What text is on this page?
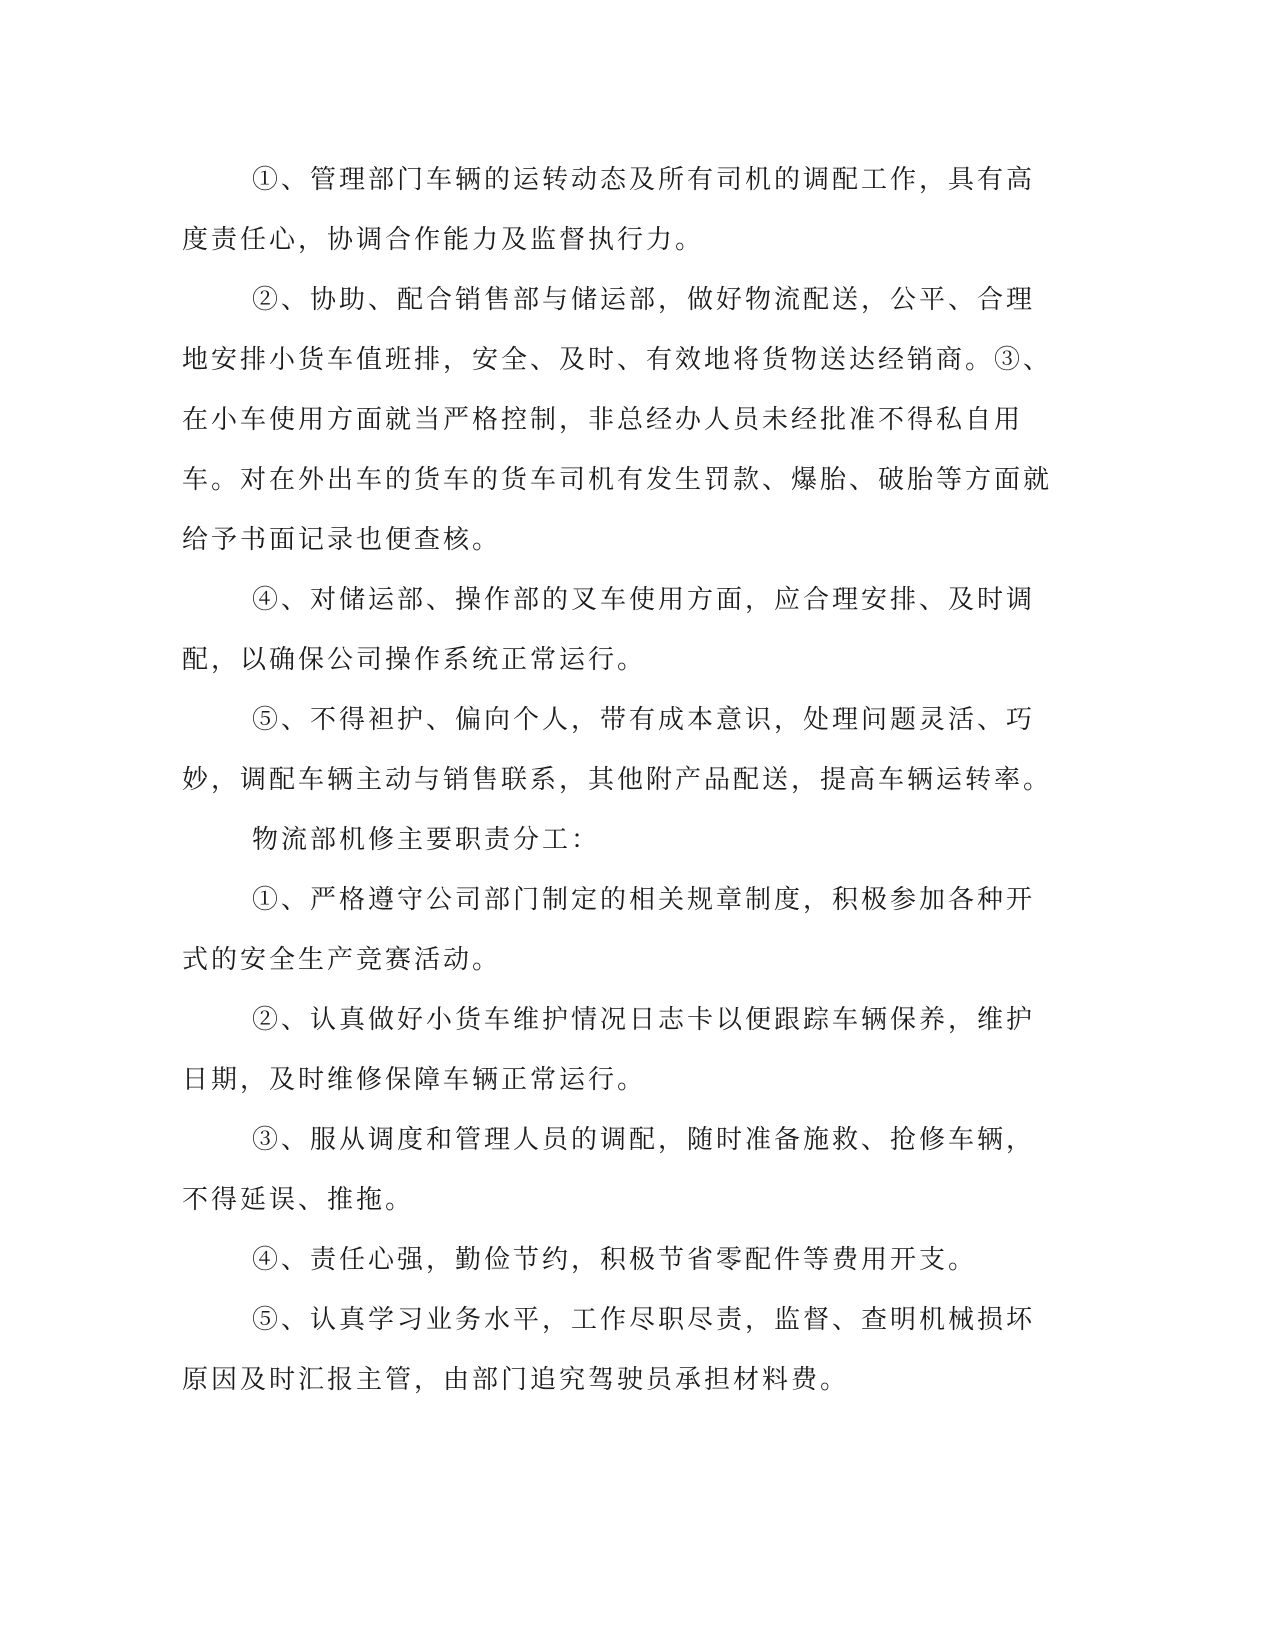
①、管理部门车辆的运转动态及所有司机的调配工作，具有高度责任心，协调合作能力及监督执行力。

②、协助、配合销售部与储运部，做好物流配送，公平、合理地安排小货车值班排，安全、及时、有效地将货物送达经销商。③、在小车使用方面就当严格控制，非总经办人员未经批准不得私自用车。对在外出车的货车的货车司机有发生罚款、爆胎、破胎等方面就给予书面记录也便查核。

④、对储运部、操作部的叉车使用方面，应合理安排、及时调配，以确保公司操作系统正常运行。

⑤、不得袒护、偏向个人，带有成本意识，处理问题灵活、巧妙，调配车辆主动与销售联系，其他附产品配送，提高车辆运转率。

物流部机修主要职责分工：

①、严格遵守公司部门制定的相关规章制度，积极参加各种开式的安全生产竞赛活动。

②、认真做好小货车维护情况日志卡以便跟踪车辆保养，维护日期，及时维修保障车辆正常运行。

③、服从调度和管理人员的调配，随时准备施救、抢修车辆，不得延误、推拖。

④、责任心强，勤俭节约，积极节省零配件等费用开支。

⑤、认真学习业务水平，工作尽职尽责，监督、查明机械损坏原因及时汇报主管，由部门追究驾驶员承担材料费。
